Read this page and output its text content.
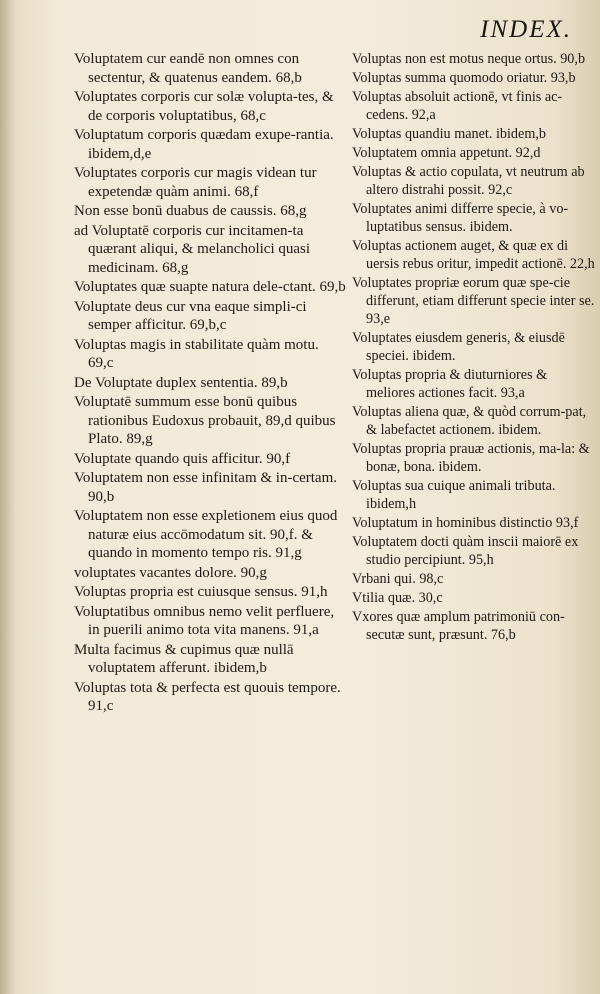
INDEX.
Voluptatem cur eandē non omnes con sectentur, & quatenus eandem. 68,b
Voluptates corporis cur solæ volupta-tes, & de corporis voluptatibus, 68,c
Voluptatum corporis quædam exupe-rantia. ibidem,d,e
Voluptates corporis cur magis videan tur expetendæ quàm animi. 68,f
Non esse bonū duabus de caussis. 68,g
ad Voluptatē corporis cur incitamen-ta quærant aliqui, & melancholici quasi medicinam. 68,g
Voluptates quæ suapte natura dele-ctant. 69,b
Voluptate deus cur vna eaque simpli-ci semper afficitur. 69,b,c
Voluptas magis in stabilitate quàm motu. 69,c
De Voluptate duplex sententia. 89,b
Voluptatē summum esse bonū quibus rationibus Eudoxus probauit, 89,d quibus Plato. 89,g
Voluptate quando quis afficitur. 90,f
Voluptatem non esse infinitam & in-certam. 90,b
Voluptatem non esse expletionem eius quod naturæ eius accōmodatum sit. 90,f. & quando in momento tempo ris. 91,g
voluptates vacantes dolore. 90,g
Voluptas propria est cuiusque sensus. 91,h
Voluptatibus omnibus nemo velit perfluere, in puerili animo tota vita manens. 91,a
Multa facimus & cupimus quæ nullā voluptatem afferunt. ibidem,b
Voluptas tota & perfecta est quouis tempore. 91,c
Voluptas non est motus neque ortus. 90,b
Voluptas summa quomodo oriatur. 93,b
Voluptas absoluit actionē, vt finis ac-cedens. 92,a
Voluptas quandiu manet. ibidem,b
Voluptatem omnia appetunt. 92,d
Voluptas & actio copulata, vt neutrum ab altero distrahi possit. 92,c
Voluptates animi differre specie, à vo-luptatibus sensus. ibidem.
Voluptas actionem auget, & quæ ex di uersis rebus oritur, impedit actionē. 22,h
Voluptates propriæ eorum quæ spe-cie differunt, etiam differunt specie inter se. 93,e
Voluptates eiusdem generis, & eiusdē speciei. ibidem.
Voluptas propria & diuturniores & meliores actiones facit. 93,a
Voluptas aliena quæ, & quòd corrum-pat, & labefactet actionem. ibidem.
Voluptas propria prauæ actionis, ma-la: & bonæ, bona. ibidem.
Voluptas sua cuique animali tributa. ibidem,h
Voluptatum in hominibus distinctio 93,f
Voluptatem docti quàm inscii maiorē ex studio percipiunt. 95,h
Vrbani qui. 98,c
Vtilia quæ. 30,c
Vxores quæ amplum patrimoniū con-secutæ sunt, præsunt. 76,b
